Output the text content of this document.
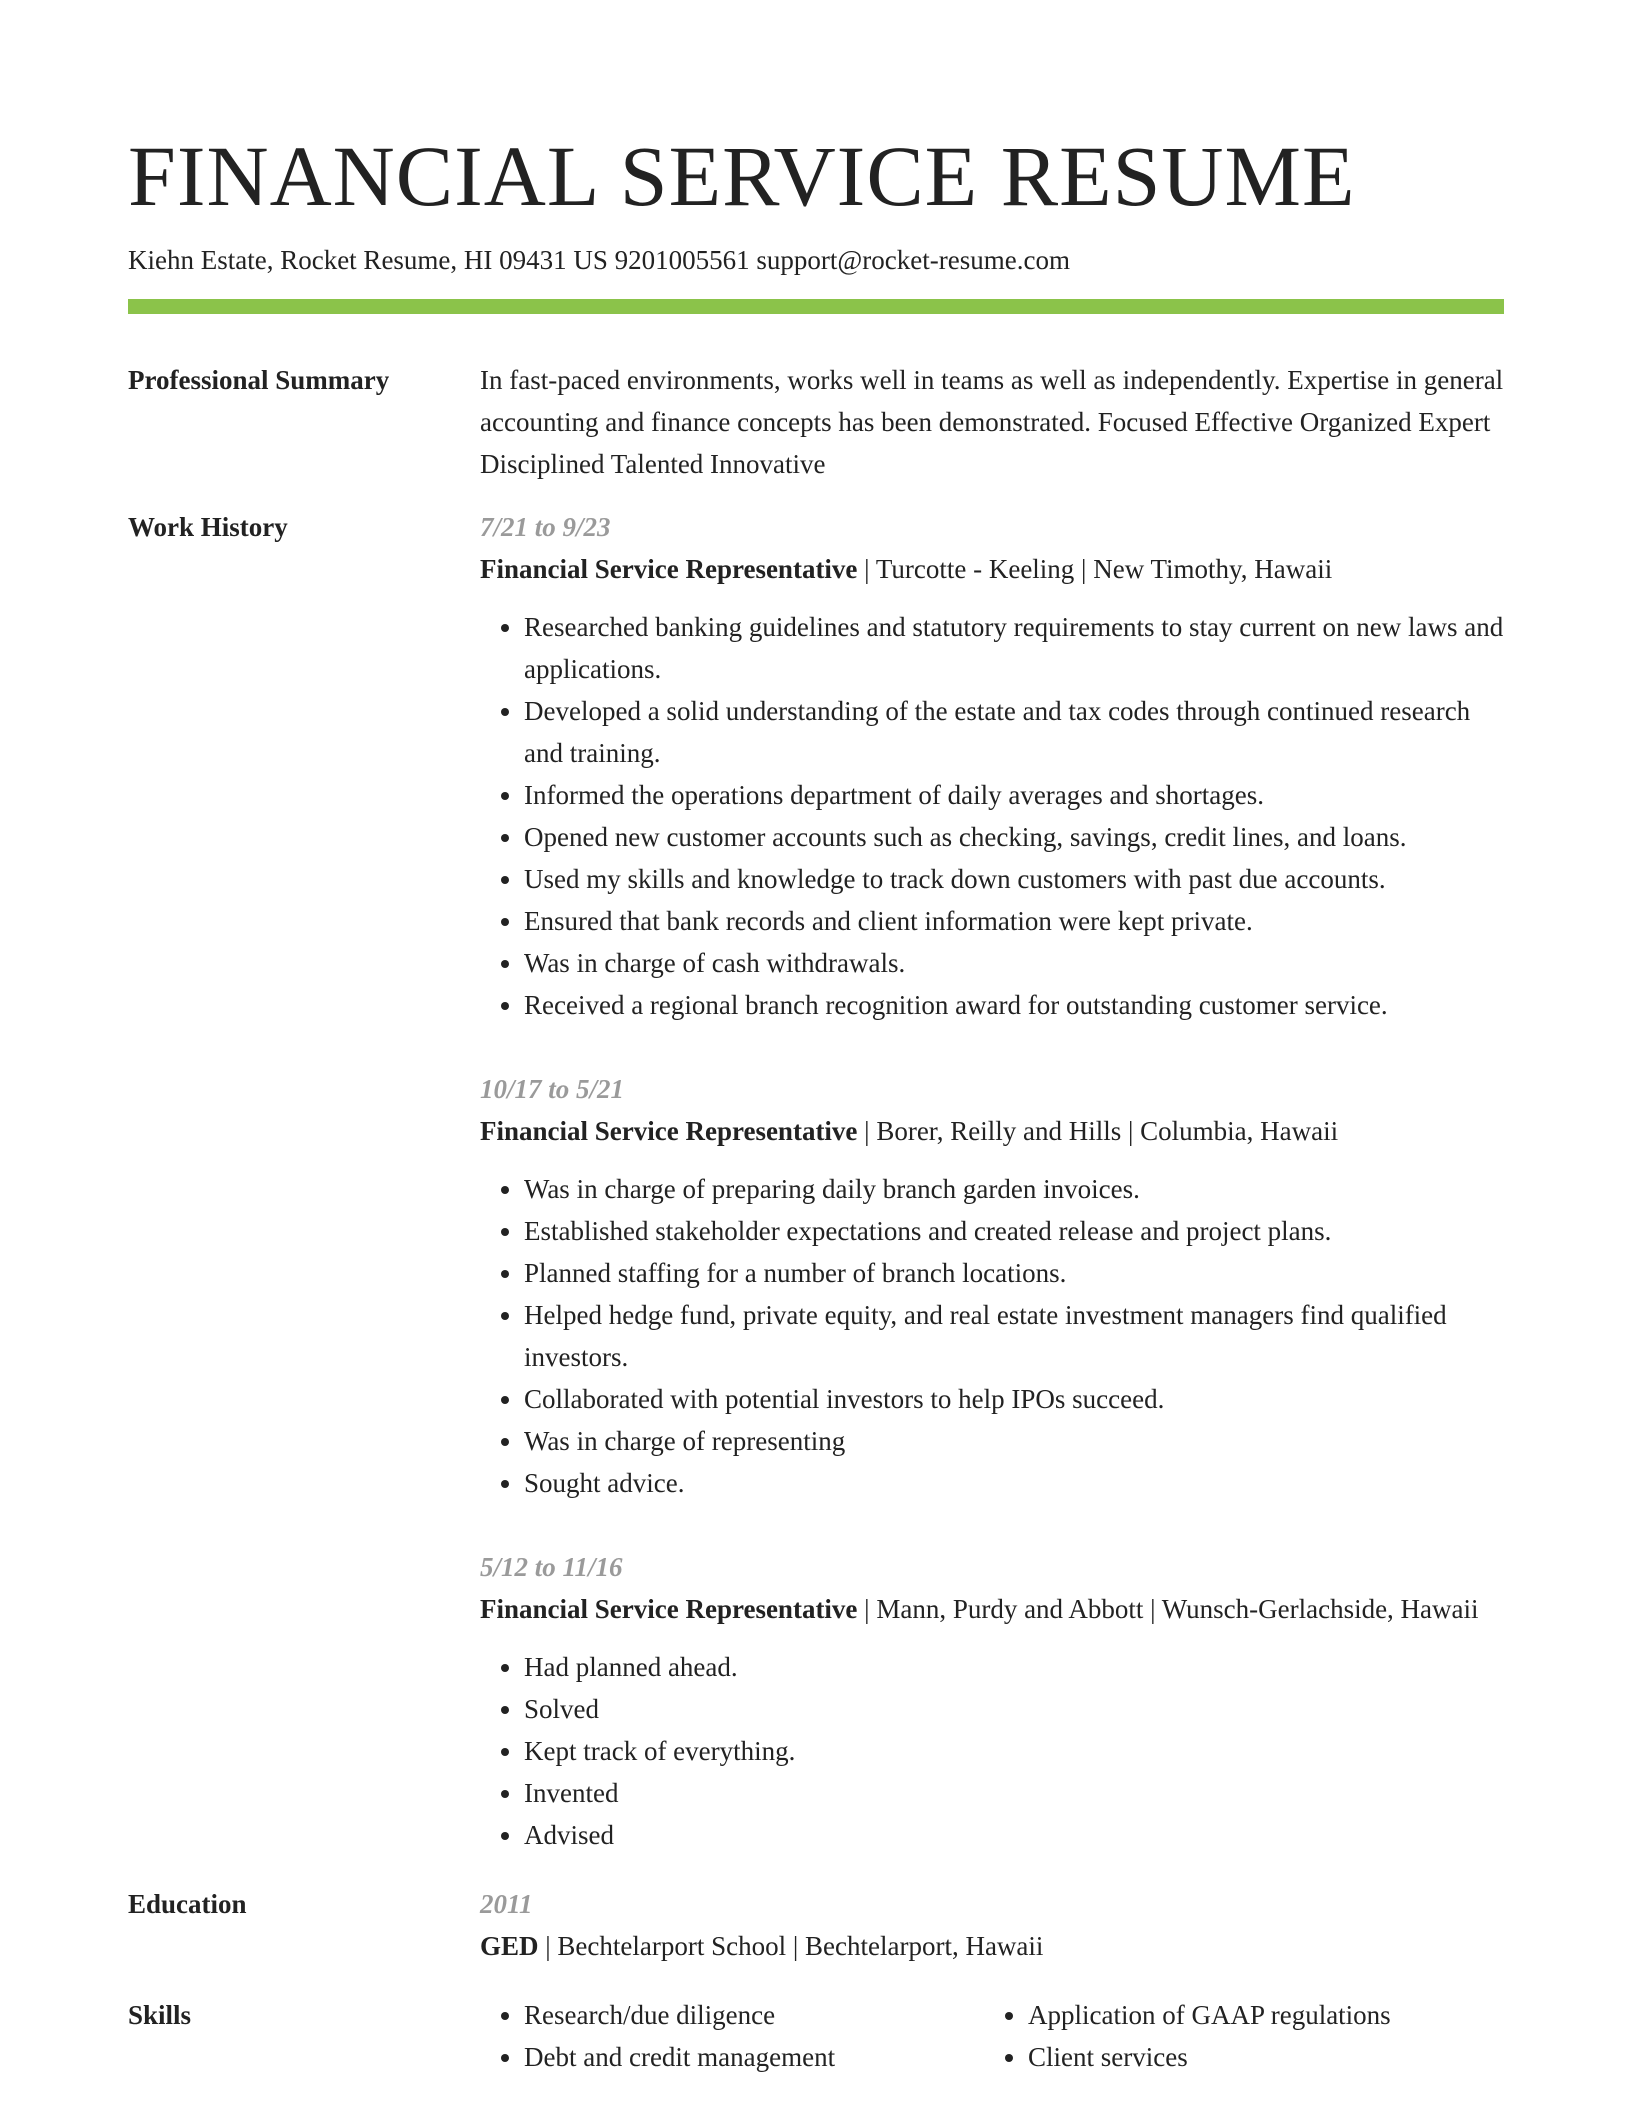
FINANCIAL SERVICE RESUME
Kiehn Estate, Rocket Resume, HI 09431 US 9201005561 support@rocket-resume.com
Professional Summary	In fast-paced environments, works well in teams as well as independently. Expertise in general accounting and finance concepts has been demonstrated. Focused Effective Organized Expert Disciplined Talented Innovative

Work History	7/21 to 9/23
Financial Service Representative | Turcotte - Keeling | New Timothy, Hawaii
• Researched banking guidelines and statutory requirements to stay current on new laws and applications.
• Developed a solid understanding of the estate and tax codes through continued research and training.
• Informed the operations department of daily averages and shortages.
• Opened new customer accounts such as checking, savings, credit lines, and loans.
• Used my skills and knowledge to track down customers with past due accounts.
• Ensured that bank records and client information were kept private.
• Was in charge of cash withdrawals.
• Received a regional branch recognition award for outstanding customer service.
10/17 to 5/21
Financial Service Representative | Borer, Reilly and Hills | Columbia, Hawaii
• Was in charge of preparing daily branch garden invoices.
• Established stakeholder expectations and created release and project plans.
• Planned staffing for a number of branch locations.
• Helped hedge fund, private equity, and real estate investment managers find qualified investors.
• Collaborated with potential investors to help IPOs succeed.
• Was in charge of representing
• Sought advice.
5/12 to 11/16
Financial Service Representative | Mann, Purdy and Abbott | Wunsch-Gerlachside, Hawaii
• Had planned ahead.
• Solved
• Kept track of everything.
• Invented
• Advised
Education	2011
GED | Bechtelarport School | Bechtelarport, Hawaii
Skills
•	Research/due diligence
• Debt and credit management
• Application of GAAP regulations
• Client services
